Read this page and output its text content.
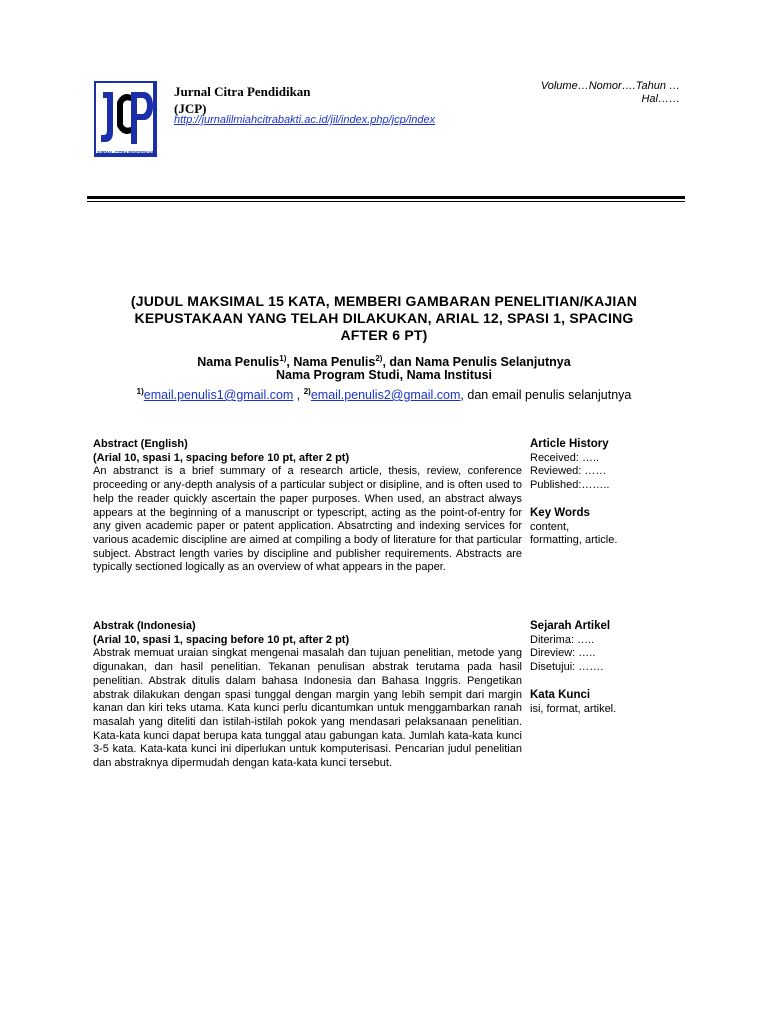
JURNAL CITRA PENDIDIKAN
Jurnal Citra Pendidikan
(JCP)
http://jurnalilmiahcitrabakti.ac.id/jil/index.php/jcp/index
Volume…Nomor….Tahun …
Hal……
(JUDUL MAKSIMAL 15 KATA, MEMBERI GAMBARAN PENELITIAN/KAJIAN
KEPUSTAKAAN YANG TELAH DILAKUKAN, ARIAL 12, SPASI 1, SPACING
AFTER 6 PT)
Nama Penulis$^{1)}$, Nama Penulis$^{2)}$, dan Nama Penulis Selanjutnya
Nama Program Studi, Nama Institusi
$^{1)}$email.penulis1@gmail.com , $^{2)}$email.penulis2@gmail.com, dan email penulis selanjutnya
Abstract (English)
(Arial 10, spasi 1, spacing before 10 pt, after 2 pt)
An abstranct is a brief summary of a research article, thesis, review, conference proceeding or any-depth analysis of a particular subject or disipline, and is often used to help the reader quickly ascertain the paper purposes. When used, an abstract always appears at the beginning of a manuscript or typescript, acting as the point-of-entry for any given academic paper or patent application. Absatrcting and indexing services for various academic discipline are aimed at compiling a body of literature for that particular subject. Abstract length varies by discipline and publisher requirements. Abstracts are typically sectioned logically as an overview of what appears in the paper.
Article History
Received: …..
Reviewed: ……
Published:……..
Key Words
content,
formatting, article.
Abstrak (Indonesia)
(Arial 10, spasi 1, spacing before 10 pt, after 2 pt)
Abstrak memuat uraian singkat mengenai masalah dan tujuan penelitian, metode yang digunakan, dan hasil penelitian. Tekanan penulisan abstrak terutama pada hasil penelitian. Abstrak ditulis dalam bahasa Indonesia dan Bahasa Inggris. Pengetikan abstrak dilakukan dengan spasi tunggal dengan margin yang lebih sempit dari margin kanan dan kiri teks utama. Kata kunci perlu dicantumkan untuk menggambarkan ranah masalah yang diteliti dan istilah-istilah pokok yang mendasari pelaksanaan penelitian. Kata-kata kunci dapat berupa kata tunggal atau gabungan kata. Jumlah kata-kata kunci 3-5 kata. Kata-kata kunci ini diperlukan untuk komputerisasi. Pencarian judul penelitian dan abstraknya dipermudah dengan kata-kata kunci tersebut.
Sejarah Artikel
Diterima: …..
Direview: …..
Disetujui: …….
Kata Kunci
isi, format, artikel.
